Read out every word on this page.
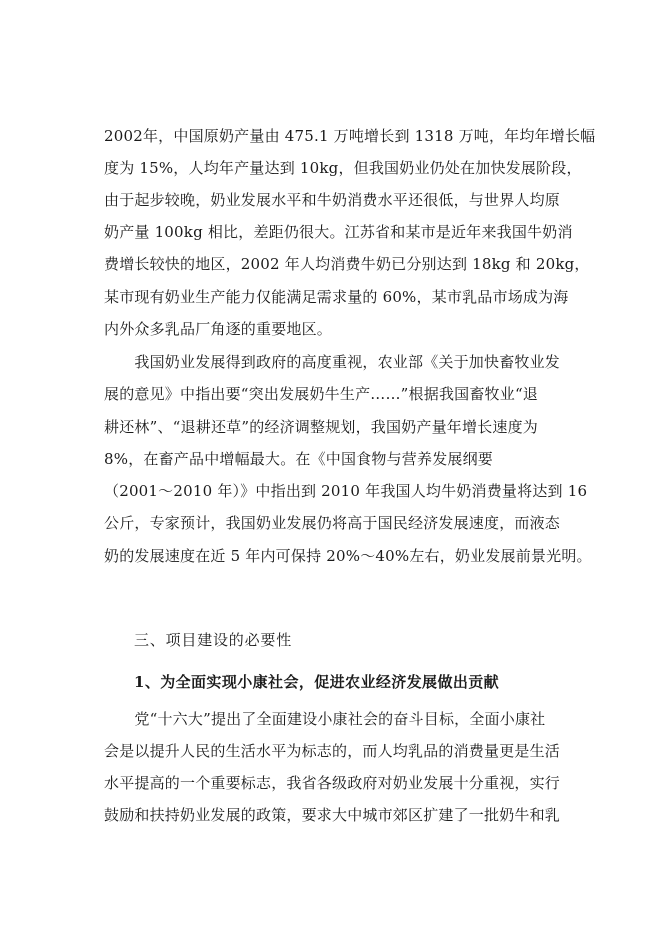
2002年，中国原奶产量由 475.1 万吨增长到 1318 万吨，年均年增长幅
度为 15%，人均年产量达到 10kg，但我国奶业仍处在加快发展阶段，
由于起步较晚，奶业发展水平和牛奶消费水平还很低，与世界人均原
奶产量 100kg 相比，差距仍很大。江苏省和某市是近年来我国牛奶消
费增长较快的地区，2002 年人均消费牛奶已分别达到 18kg 和 20kg，
某市现有奶业生产能力仅能满足需求量的 60%，某市乳品市场成为海
内外众多乳品厂角逐的重要地区。
　　我国奶业发展得到政府的高度重视，农业部《关于加快畜牧业发
展的意见》中指出要“突出发展奶牛生产……”根据我国畜牧业“退
耕还林”、“退耕还草”的经济调整规划，我国奶产量年增长速度为
8%，在畜产品中增幅最大。在《中国食物与营养发展纲要
（2001～2010 年）》中指出到 2010 年我国人均牛奶消费量将达到 16
公斤，专家预计，我国奶业发展仍将高于国民经济发展速度，而液态
奶的发展速度在近 5 年内可保持 20%～40%左右，奶业发展前景光明。
三、项目建设的必要性
1、为全面实现小康社会，促进农业经济发展做出贡献
　　党“十六大”提出了全面建设小康社会的奋斗目标，全面小康社
会是以提升人民的生活水平为标志的，而人均乳品的消费量更是生活
水平提高的一个重要标志，我省各级政府对奶业发展十分重视，实行
鼓励和扶持奶业发展的政策，要求大中城市郊区扩建了一批奶牛和乳
